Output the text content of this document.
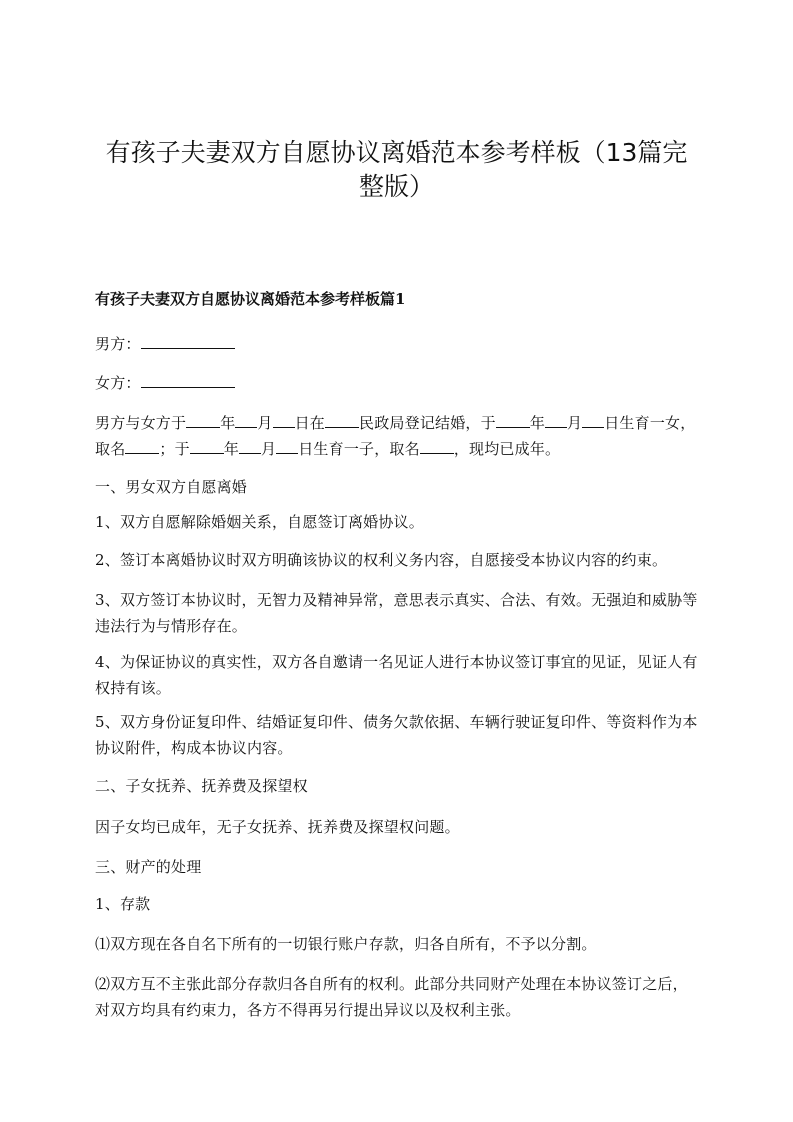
有孩子夫妻双方自愿协议离婚范本参考样板（13篇完整版）
有孩子夫妻双方自愿协议离婚范本参考样板篇1
男方：
女方：
男方与女方于 年 月 日在 民政局登记结婚，于 年 月 日生育一女，取名 ；于 年 月 日生育一子，取名 ，现均已成年。
一、男女双方自愿离婚
1、双方自愿解除婚姻关系，自愿签订离婚协议。
2、签订本离婚协议时双方明确该协议的权利义务内容，自愿接受本协议内容的约束。
3、双方签订本协议时，无智力及精神异常，意思表示真实、合法、有效。无强迫和威胁等违法行为与情形存在。
4、为保证协议的真实性，双方各自邀请一名见证人进行本协议签订事宜的见证，见证人有权持有该。
5、双方身份证复印件、结婚证复印件、债务欠款依据、车辆行驶证复印件、等资料作为本协议附件，构成本协议内容。
二、子女抚养、抚养费及探望权
因子女均已成年，无子女抚养、抚养费及探望权问题。
三、财产的处理
1、存款
⑴双方现在各自名下所有的一切银行账户存款，归各自所有，不予以分割。
⑵双方互不主张此部分存款归各自所有的权利。此部分共同财产处理在本协议签订之后，对双方均具有约束力，各方不得再另行提出异议以及权利主张。
